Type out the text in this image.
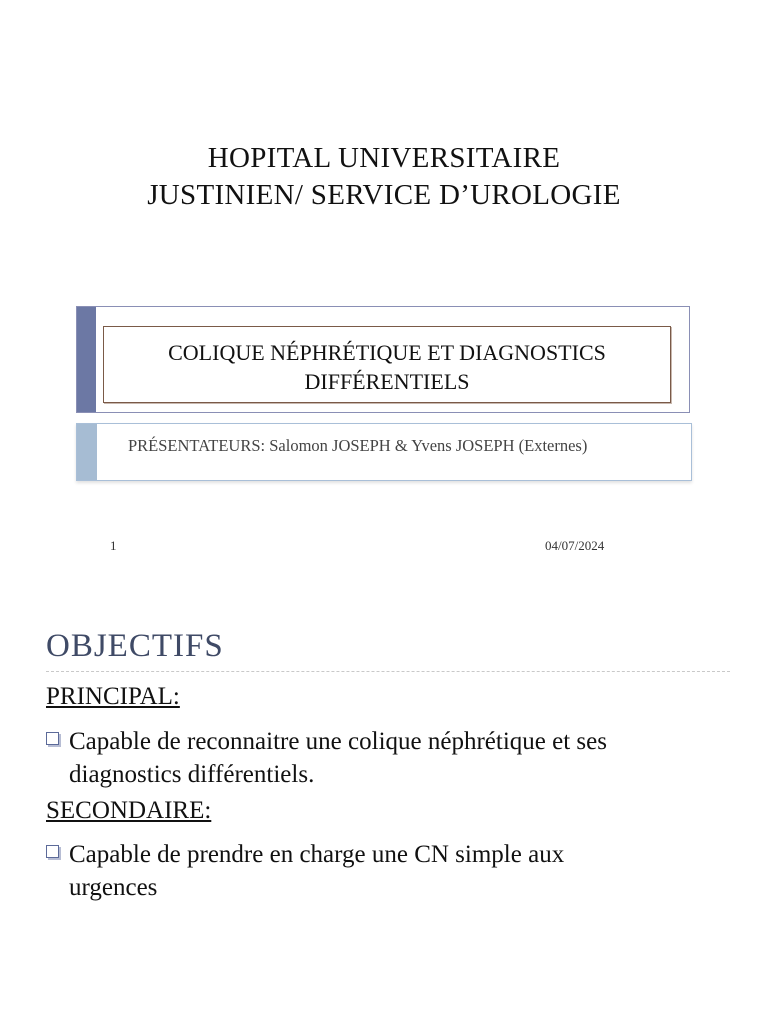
HOPITAL UNIVERSITAIRE
JUSTINIEN/ SERVICE D’UROLOGIE
COLIQUE NÉPHRÉTIQUE ET DIAGNOSTICS
DIFFÉRENTIELS
PRÉSENTATEURS: Salomon JOSEPH & Yvens JOSEPH (Externes)
1	04/07/2024
OBJECTIFS
PRINCIPAL:
Capable de reconnaitre une colique néphrétique et ses
diagnostics différentiels.
SECONDAIRE:
Capable de prendre en charge une CN simple aux
urgences
